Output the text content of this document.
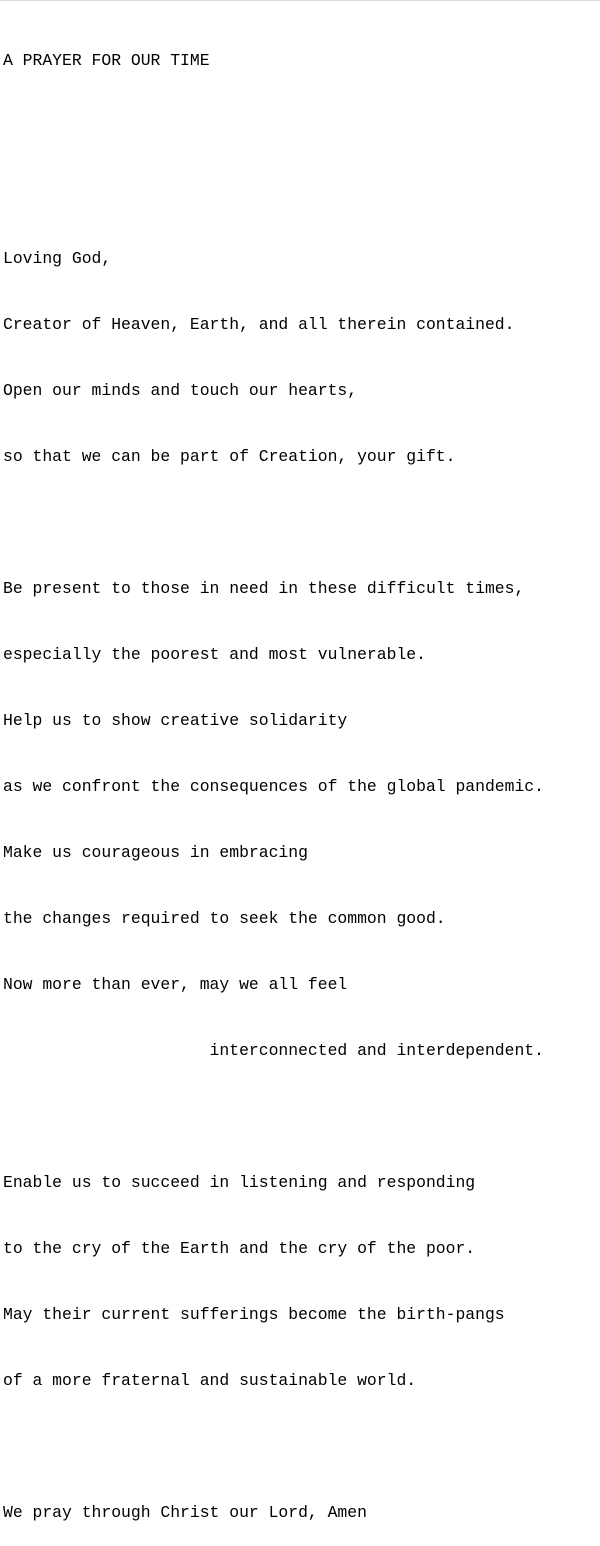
A PRAYER FOR OUR TIME

Loving God,

Creator of Heaven, Earth, and all therein contained.

Open our minds and touch our hearts,

so that we can be part of Creation, your gift.

Be present to those in need in these difficult times,

especially the poorest and most vulnerable.

Help us to show creative solidarity

as we confront the consequences of the global pandemic.

Make us courageous in embracing

the changes required to seek the common good.

Now more than ever, may we all feel

interconnected and interdependent.

Enable us to succeed in listening and responding

to the cry of the Earth and the cry of the poor.

May their current sufferings become the birth-pangs

of a more fraternal and sustainable world.

We pray through Christ our Lord, Amen
